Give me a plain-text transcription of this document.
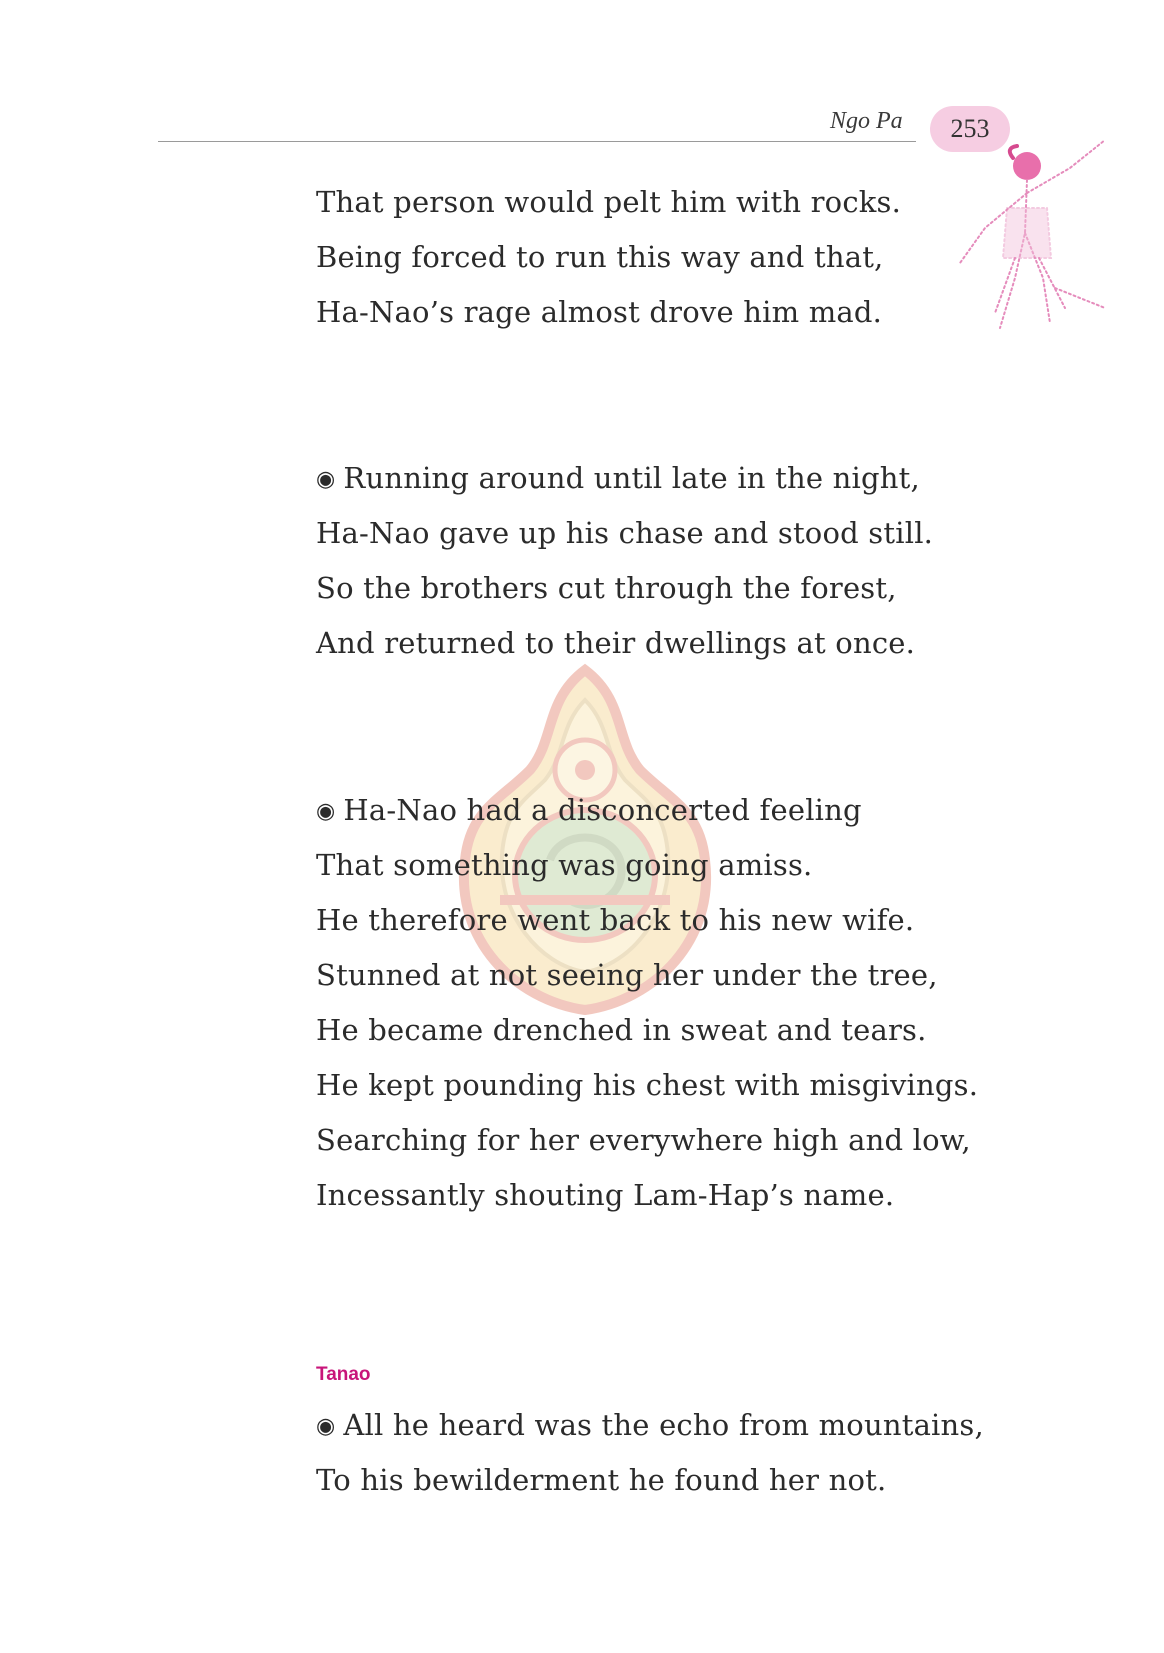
Ngo Pa 253
That person would pelt him with rocks.
Being forced to run this way and that,
Ha-Nao’s rage almost drove him mad.
◉ Running around until late in the night,
Ha-Nao gave up his chase and stood still.
So the brothers cut through the forest,
And returned to their dwellings at once.
◉ Ha-Nao had a disconcerted feeling
That something was going amiss.
He therefore went back to his new wife.
Stunned at not seeing her under the tree,
He became drenched in sweat and tears.
He kept pounding his chest with misgivings.
Searching for her everywhere high and low,
Incessantly shouting Lam-Hap’s name.
Tanao
◉ All he heard was the echo from mountains,
To his bewilderment he found her not.
